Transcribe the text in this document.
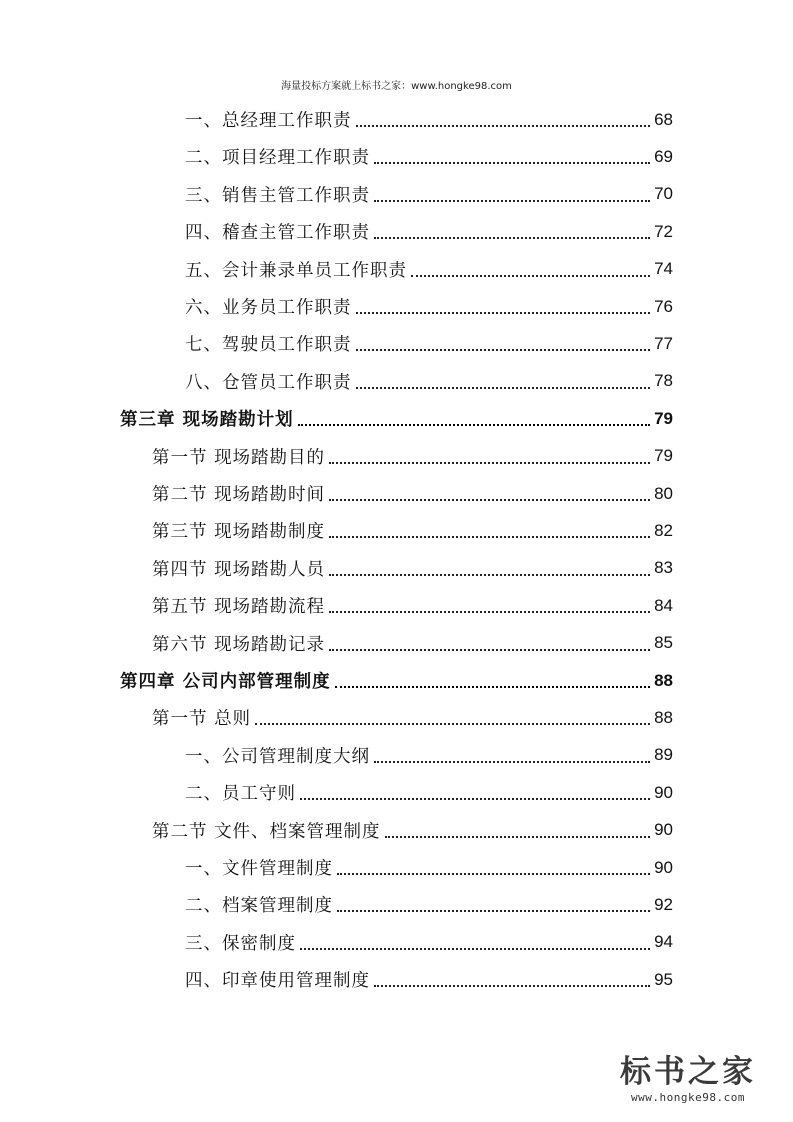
海量投标方案就上标书之家：www.hongke98.com
一、总经理工作职责	68
二、项目经理工作职责	69
三、销售主管工作职责	70
四、稽查主管工作职责	72
五、会计兼录单员工作职责	74
六、业务员工作职责	76
七、驾驶员工作职责	77
八、仓管员工作职责	78
第三章 现场踏勘计划	79
第一节 现场踏勘目的	79
第二节 现场踏勘时间	80
第三节 现场踏勘制度	82
第四节 现场踏勘人员	83
第五节 现场踏勘流程	84
第六节 现场踏勘记录	85
第四章 公司内部管理制度	88
第一节 总则	88
一、公司管理制度大纲	89
二、员工守则	90
第二节 文件、档案管理制度	90
一、文件管理制度	90
二、档案管理制度	92
三、保密制度	94
四、印章使用管理制度	95
标书之家
www.hongke98.com
